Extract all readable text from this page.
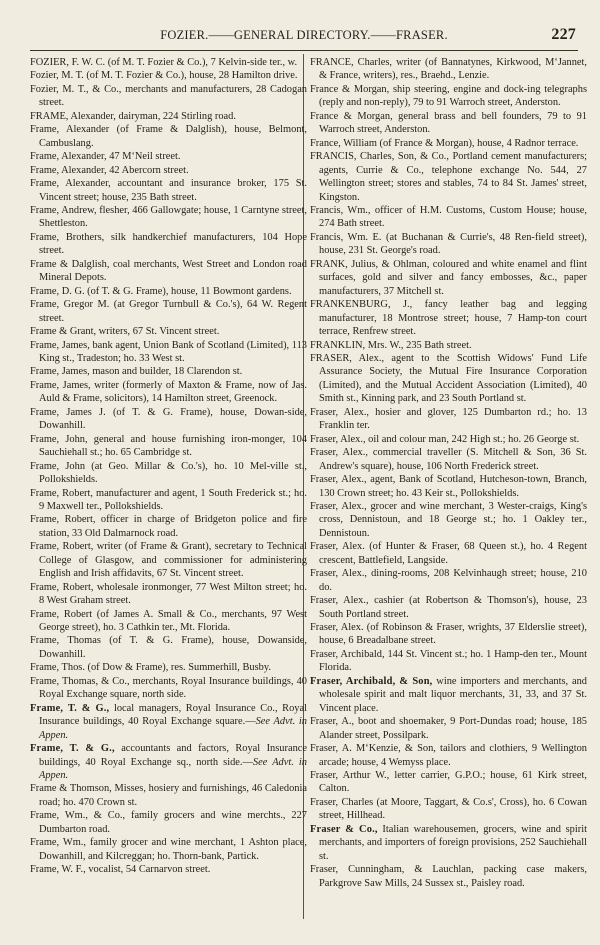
FOZIER.——GENERAL DIRECTORY.——FRASER.	227

FOZIER, F. W. C. (of M. T. Fozier & Co.), 7 Kelvin-side ter., w.

Fozier, M. T. (of M. T. Fozier & Co.), house, 28 Hamilton drive.

Fozier, M. T., & Co., merchants and manufacturers, 28 Cadogan street.

FRAME, Alexander, dairyman, 224 Stirling road.

Frame, Alexander (of Frame & Dalglish), house, Belmont, Cambuslang.

Frame, Alexander, 47 M‘Neil street.

Frame, Alexander, 42 Abercorn street.

Frame, Alexander, accountant and insurance broker, 175 St. Vincent street; house, 235 Bath street.

Frame, Andrew, flesher, 466 Gallowgate; house, 1 Carntyne street, Shettleston.

Frame, Brothers, silk handkerchief manufacturers, 104 Hope street.

Frame & Dalglish, coal merchants, West Street and London road Mineral Depots.

Frame, D. G. (of T. & G. Frame), house, 11 Bowmont gardens.

Frame, Gregor M. (at Gregor Turnbull & Co.'s), 64 W. Regent street.

Frame & Grant, writers, 67 St. Vincent street.

Frame, James, bank agent, Union Bank of Scotland (Limited), 113 King st., Tradeston; ho. 33 West st.

Frame, James, mason and builder, 18 Clarendon st.

Frame, James, writer (formerly of Maxton & Frame, now of Jas. Auld & Frame, solicitors), 14 Hamilton street, Greenock.

Frame, James J. (of T. & G. Frame), house, Dowan-side, Dowanhill.

Frame, John, general and house furnishing iron-monger, 104 Sauchiehall st.; ho. 65 Cambridge st.

Frame, John (at Geo. Millar & Co.'s), ho. 10 Mel-ville st., Pollokshields.

Frame, Robert, manufacturer and agent, 1 South Frederick st.; ho. 9 Maxwell ter., Pollokshields.

Frame, Robert, officer in charge of Bridgeton police and fire station, 33 Old Dalmarnock road.

Frame, Robert, writer (of Frame & Grant), secretary to Technical College of Glasgow, and commissioner for administering English and Irish affidavits, 67 St. Vincent street.

Frame, Robert, wholesale ironmonger, 77 West Milton street; ho. 8 West Graham street.

Frame, Robert (of James A. Small & Co., merchants, 97 West George street), ho. 3 Cathkin ter., Mt. Florida.

Frame, Thomas (of T. & G. Frame), house, Dowanside, Dowanhill.

Frame, Thos. (of Dow & Frame), res. Summerhill, Busby.

Frame, Thomas, & Co., merchants, Royal Insurance buildings, 40 Royal Exchange square, north side.

Frame, T. & G., local managers, Royal Insurance Co., Royal Insurance buildings, 40 Royal Exchange square.—See Advt. in Appen.

Frame, T. & G., accountants and factors, Royal Insurance buildings, 40 Royal Exchange sq., north side.—See Advt. in Appen.

Frame & Thomson, Misses, hosiery and furnishings, 46 Caledonia road; ho. 470 Crown st.

Frame, Wm., & Co., family grocers and wine merchts., 227 Dumbarton road.

Frame, Wm., family grocer and wine merchant, 1 Ashton place, Dowanhill, and Kilcreggan; ho. Thorn-bank, Partick.

Frame, W. F., vocalist, 54 Carnarvon street.

FRANCE, Charles, writer (of Bannatynes, Kirkwood, M‘Jannet, & France, writers), res., Braehd., Lenzie.

France & Morgan, ship steering, engine and dock-ing telegraphs (reply and non-reply), 79 to 91 Warroch street, Anderston.

France & Morgan, general brass and bell founders, 79 to 91 Warroch street, Anderston.

France, William (of France & Morgan), house, 4 Radnor terrace.

FRANCIS, Charles, Son, & Co., Portland cement manufacturers; agents, Currie & Co., telephone exchange No. 544, 27 Wellington street; stores and stables, 74 to 84 St. James' street, Kingston.

Francis, Wm., officer of H.M. Customs, Custom House; house, 274 Bath street.

Francis, Wm. E. (at Buchanan & Currie's, 48 Ren-field street), house, 231 St. George's road.

FRANK, Julius, & Ohlman, coloured and white enamel and flint surfaces, gold and silver and fancy embosses, &c., paper manufacturers, 37 Mitchell st.

FRANKENBURG, J., fancy leather bag and legging manufacturer, 18 Montrose street; house, 7 Hamp-ton court terrace, Renfrew street.

FRANKLIN, Mrs. W., 235 Bath street.

FRASER, Alex., agent to the Scottish Widows' Fund Life Assurance Society, the Mutual Fire Insurance Corporation (Limited), and the Mutual Accident Association (Limited), 40 Smith st., Kinning park, and 23 South Portland st.

Fraser, Alex., hosier and glover, 125 Dumbarton rd.; ho. 13 Franklin ter.

Fraser, Alex., oil and colour man, 242 High st.; ho. 26 George st.

Fraser, Alex., commercial traveller (S. Mitchell & Son, 36 St. Andrew's square), house, 106 North Frederick street.

Fraser, Alex., agent, Bank of Scotland, Hutcheson-town, Branch, 130 Crown street; ho. 43 Keir st., Pollokshields.

Fraser, Alex., grocer and wine merchant, 3 Wester-craigs, King's cross, Dennistoun, and 18 George st.; ho. 1 Oakley ter., Dennistoun.

Fraser, Alex. (of Hunter & Fraser, 68 Queen st.), ho. 4 Regent crescent, Battlefield, Langside.

Fraser, Alex., dining-rooms, 208 Kelvinhaugh street; house, 210 do.

Fraser, Alex., cashier (at Robertson & Thomson's), house, 23 South Portland street.

Fraser, Alex. (of Robinson & Fraser, wrights, 37 Elderslie street), house, 6 Breadalbane street.

Fraser, Archibald, 144 St. Vincent st.; ho. 1 Hamp-den ter., Mount Florida.

Fraser, Archibald, & Son, wine importers and merchants, and wholesale spirit and malt liquor merchants, 31, 33, and 37 St. Vincent place.

Fraser, A., boot and shoemaker, 9 Port-Dundas road; house, 185 Alander street, Possilpark.

Fraser, A. M‘Kenzie, & Son, tailors and clothiers, 9 Wellington arcade; house, 4 Wemyss place.

Fraser, Arthur W., letter carrier, G.P.O.; house, 61 Kirk street, Calton.

Fraser, Charles (at Moore, Taggart, & Co.s', Cross), ho. 6 Cowan street, Hillhead.

Fraser & Co., Italian warehousemen, grocers, wine and spirit merchants, and importers of foreign provisions, 252 Sauchiehall st.

Fraser, Cunningham, & Lauchlan, packing case makers, Parkgrove Saw Mills, 24 Sussex st., Paisley road.
